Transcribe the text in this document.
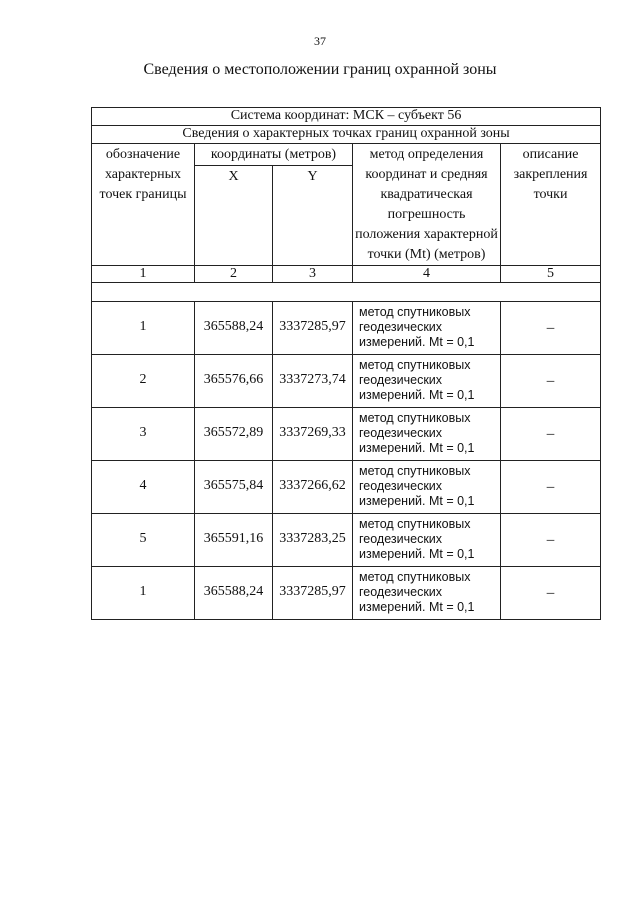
37
Сведения о местоположении границ охранной зоны
Система координат: МСК – субъект 56				
Сведения о характерных точках границ охранной зоны				
обозначение характерных точек границы	координаты (метров)		метод определения координат и средняя квадратическая погрешность положения характерной точки (Mt) (метров)	описание закрепления точки
	X	Y		
1	2	3	4	5

1	365588,24	3337285,97	метод спутниковых геодезических измерений. Mt = 0,1	–
2	365576,66	3337273,74	метод спутниковых геодезических измерений. Mt = 0,1	–
3	365572,89	3337269,33	метод спутниковых геодезических измерений. Mt = 0,1	–
4	365575,84	3337266,62	метод спутниковых геодезических измерений. Mt = 0,1	–
5	365591,16	3337283,25	метод спутниковых геодезических измерений. Mt = 0,1	–
1	365588,24	3337285,97	метод спутниковых геодезических измерений. Mt = 0,1	–
